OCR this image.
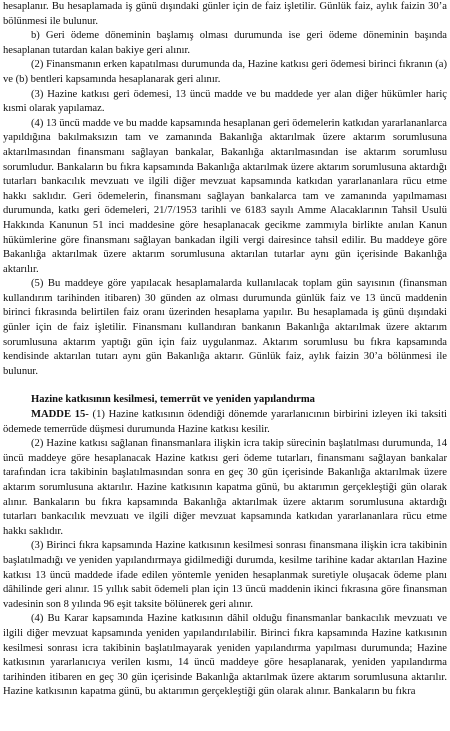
hesaplanır. Bu hesaplamada iş günü dışındaki günler için de faiz işletilir. Günlük faiz, aylık faizin 30’a bölünmesi ile bulunur.

b) Geri ödeme döneminin başlamış olması durumunda ise geri ödeme döneminin başında hesaplanan tutardan kalan bakiye geri alınır.

(2) Finansmanın erken kapatılması durumunda da, Hazine katkısı geri ödemesi birinci fıkranın (a) ve (b) bentleri kapsamında hesaplanarak geri alınır.

(3) Hazine katkısı geri ödemesi, 13 üncü madde ve bu maddede yer alan diğer hükümler hariç kısmi olarak yapılamaz.

(4) 13 üncü madde ve bu madde kapsamında hesaplanan geri ödemelerin katkıdan yararlananlarca yapıldığına bakılmaksızın tam ve zamanında Bakanlığa aktarılmak üzere aktarım sorumlusuna aktarılmasından finansmanı sağlayan bankalar, Bakanlığa aktarılmasından ise aktarım sorumlusu sorumludur. Bankaların bu fıkra kapsamında Bakanlığa aktarılmak üzere aktarım sorumlusuna aktardığı tutarları bankacılık mevzuatı ve ilgili diğer mevzuat kapsamında katkıdan yararlananlara rücu etme hakkı saklıdır. Geri ödemelerin, finansmanı sağlayan bankalarca tam ve zamanında yapılmaması durumunda, katkı geri ödemeleri, 21/7/1953 tarihli ve 6183 sayılı Amme Alacaklarının Tahsil Usulü Hakkında Kanunun 51 inci maddesine göre hesaplanacak gecikme zammıyla birlikte anılan Kanun hükümlerine göre finansmanı sağlayan bankadan ilgili vergi dairesince tahsil edilir. Bu maddeye göre Bakanlığa aktarılmak üzere aktarım sorumlusuna aktarılan tutarlar aynı gün içerisinde Bakanlığa aktarılır.

(5) Bu maddeye göre yapılacak hesaplamalarda kullanılacak toplam gün sayısının (finansman kullandırım tarihinden itibaren) 30 günden az olması durumunda günlük faiz ve 13 üncü maddenin birinci fıkrasında belirtilen faiz oranı üzerinden hesaplama yapılır. Bu hesaplamada iş günü dışındaki günler için de faiz işletilir. Finansmanı kullandıran bankanın Bakanlığa aktarılmak üzere aktarım sorumlusuna aktarım yaptığı gün için faiz uygulanmaz. Aktarım sorumlusu bu fıkra kapsamında kendisinde aktarılan tutarı aynı gün Bakanlığa aktarır. Günlük faiz, aylık faizin 30’a bölünmesi ile bulunur.

Hazine katkısının kesilmesi, temerrüt ve yeniden yapılandırma

MADDE 15- (1) Hazine katkısının ödendiği dönemde yararlanıcının birbirini izleyen iki taksiti ödemede temerrüde düşmesi durumunda Hazine katkısı kesilir.

(2) Hazine katkısı sağlanan finansmanlara ilişkin icra takip sürecinin başlatılması durumunda, 14 üncü maddeye göre hesaplanacak Hazine katkısı geri ödeme tutarları, finansmanı sağlayan bankalar tarafından icra takibinin başlatılmasından sonra en geç 30 gün içerisinde Bakanlığa aktarılmak üzere aktarım sorumlusuna aktarılır. Hazine katkısının kapatma günü, bu aktarımın gerçekleştiği gün olarak alınır. Bankaların bu fıkra kapsamında Bakanlığa aktarılmak üzere aktarım sorumlusuna aktardığı tutarları bankacılık mevzuatı ve ilgili diğer mevzuat kapsamında katkıdan yararlananlara rücu etme hakkı saklıdır.

(3) Birinci fıkra kapsamında Hazine katkısının kesilmesi sonrası finansmana ilişkin icra takibinin başlatılmadığı ve yeniden yapılandırmaya gidilmediği durumda, kesilme tarihine kadar aktarılan Hazine katkısı 13 üncü maddede ifade edilen yöntemle yeniden hesaplanmak suretiyle oluşacak ödeme planı dâhilinde geri alınır. 15 yıllık sabit ödemeli plan için 13 üncü maddenin ikinci fıkrasına göre finansman vadesinin son 8 yılında 96 eşit taksite bölünerek geri alınır.

(4) Bu Karar kapsamında Hazine katkısının dâhil olduğu finansmanlar bankacılık mevzuatı ve ilgili diğer mevzuat kapsamında yeniden yapılandırılabilir. Birinci fıkra kapsamında Hazine katkısının kesilmesi sonrası icra takibinin başlatılmayarak yeniden yapılandırma yapılması durumunda; Hazine katkısının yararlanıcıya verilen kısmı, 14 üncü maddeye göre hesaplanarak, yeniden yapılandırma tarihinden itibaren en geç 30 gün içerisinde Bakanlığa aktarılmak üzere aktarım sorumlusuna aktarılır. Hazine katkısının kapatma günü, bu aktarımın gerçekleştiği gün olarak alınır. Bankaların bu fıkra
